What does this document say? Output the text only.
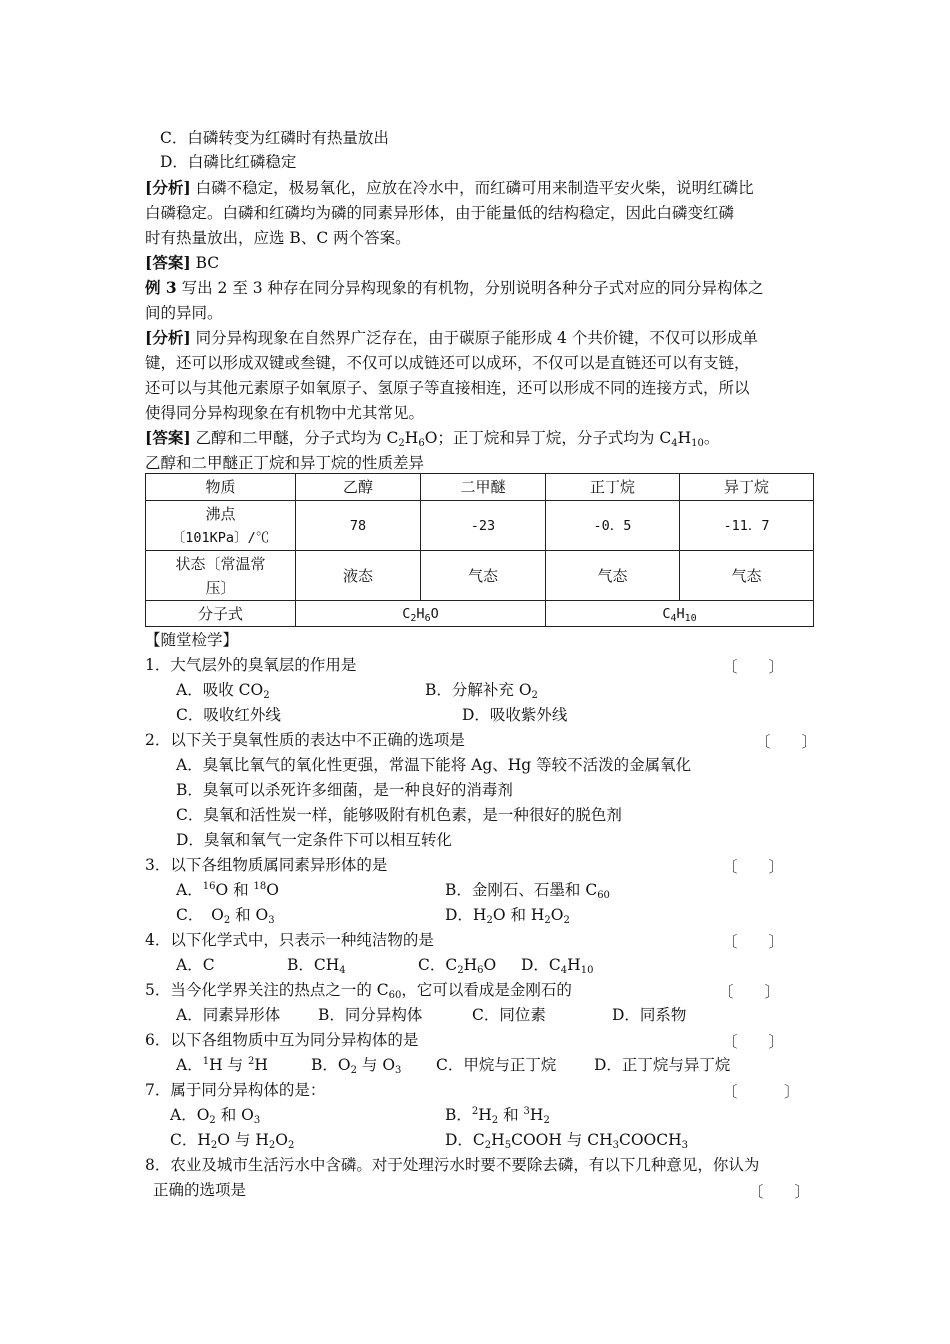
C．白磷转变为红磷时有热量放出
D．白磷比红磷稳定
[分析] 白磷不稳定，极易氧化，应放在冷水中，而红磷可用来制造平安火柴，说明红磷比
白磷稳定。白磷和红磷均为磷的同素异形体，由于能量低的结构稳定，因此白磷变红磷
时有热量放出，应选 B、C 两个答案。
[答案] BC
例 3 写出 2 至 3 种存在同分异构现象的有机物，分别说明各种分子式对应的同分异构体之
间的异同。
[分析] 同分异构现象在自然界广泛存在，由于碳原子能形成 4 个共价键，不仅可以形成单
键，还可以形成双键或叁键，不仅可以成链还可以成环，不仅可以是直链还可以有支链，
还可以与其他元素原子如氧原子、氢原子等直接相连，还可以形成不同的连接方式，所以
使得同分异构现象在有机物中尤其常见。
[答案] 乙醇和二甲醚，分子式均为 $C_2H_6O$；正丁烷和异丁烷，分子式均为 $C_4H_{10}$。
乙醇和二甲醚正丁烷和异丁烷的性质差异
物质	乙醇	二甲醚	正丁烷	异丁烷

沸点
〔101KPa〕/℃	78	-23	-0．5	-11．7

状态〔常温常
压〕	液态	气态	气态	气态
分子式	$C_2H_6O$		$C_4H_{10}$
【随堂检学】
1．大气层外的臭氧层的作用是	〔　　〕
A．吸收 $CO_2$	B．分解补充 $O_2$
C．吸收红外线	D．吸收紫外线
2．以下关于臭氧性质的表达中不正确的选项是	〔　　〕
A．臭氧比氧气的氧化性更强，常温下能将 Ag、Hg 等较不活泼的金属氧化
B．臭氧可以杀死许多细菌，是一种良好的消毒剂
C．臭氧和活性炭一样，能够吸附有机色素，是一种很好的脱色剂
D．臭氧和氧气一定条件下可以相互转化
3．以下各组物质属同素异形体的是	〔　　〕
A．$^{16}$O 和 $^{18}$O	B．金刚石、石墨和 $C_{60}$
C．　$O_2$ 和 $O_3$	D．$H_2O$ 和 $H_2O_2$
4．以下化学式中，只表示一种纯洁物的是	〔　　〕
A．C	B．$CH_4$	C．$C_2H_6O$ D．$C_4H_{10}$
5．当今化学界关注的热点之一的 $C_{60}$，它可以看成是金刚石的	〔　　〕
A．同素异形体 B．同分异构体	C．同位素	D．同系物
6．以下各组物质中互为同分异构体的是	〔　　〕
A．$^1$H 与 $^2$H	B．$O_2$ 与 $O_3$ C．甲烷与正丁烷 D．正丁烷与异丁烷
7．属于同分异构体的是：	〔　　　〕
A．$O_2$ 和 $O_3$	B．$^2H_2$ 和 $^3H_2$
C．$H_2O$ 与 $H_2O_2$	D．$C_2H_5COOH$ 与 $CH_3COOCH_3$
8．农业及城市生活污水中含磷。对于处理污水时要不要除去磷，有以下几种意见，你认为
正确的选项是	〔　　〕
